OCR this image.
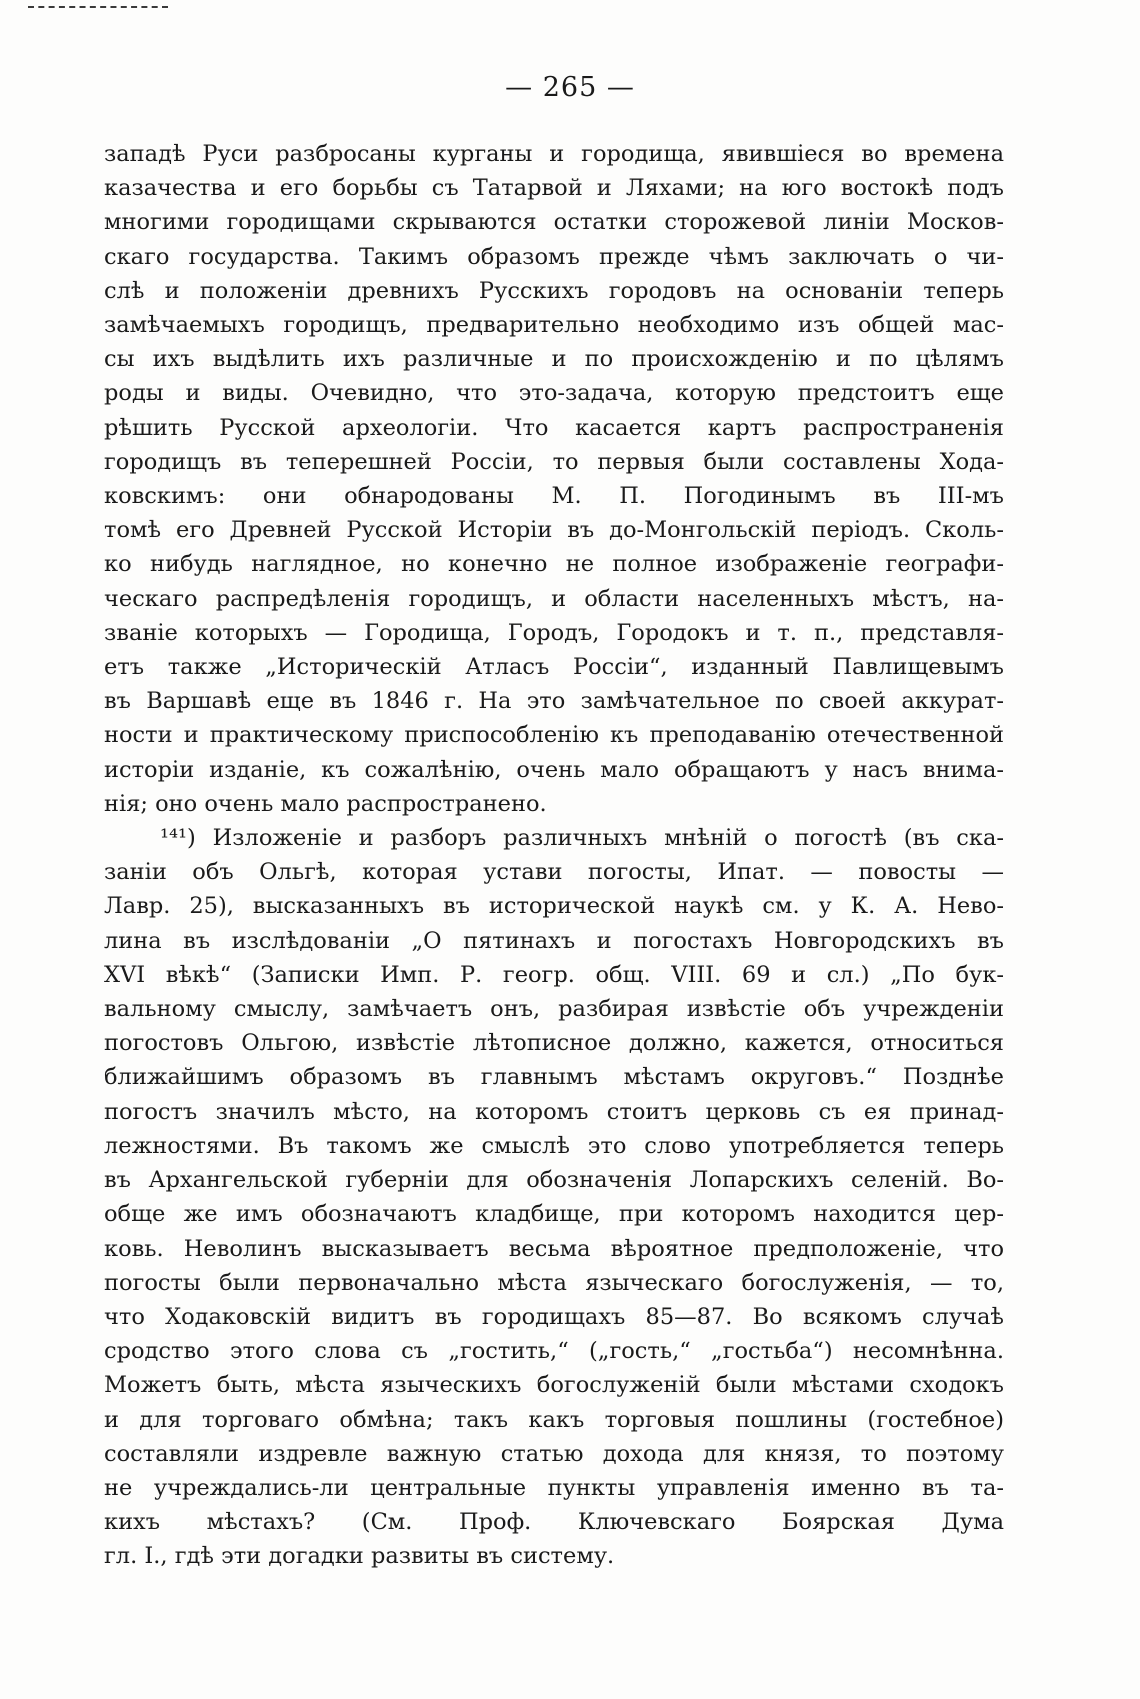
— 265 —
западѣ Руси разбросаны курганы и городища, явившіеся во времена
казачества и его борьбы съ Татарвой и Ляхами; на юго востокѣ подъ
многими городищами скрываются остатки сторожевой линіи Москов-
скаго государства. Такимъ образомъ прежде чѣмъ заключать о чи-
слѣ и положеніи древнихъ Русскихъ городовъ на основаніи теперь
замѣчаемыхъ городищъ, предварительно необходимо изъ общей мас-
сы ихъ выдѣлить ихъ различные и по происхожденію и по цѣлямъ
роды и виды. Очевидно, что это-задача, которую предстоитъ еще
рѣшить Русской археологіи. Что касается картъ распространенія
городищъ въ теперешней Россіи, то первыя были составлены Хода-
ковскимъ: они обнародованы М. П. Погодинымъ въ III-мъ
томѣ его Древней Русской Исторіи въ до-Монгольскій періодъ. Сколь-
ко нибудь наглядное, но конечно не полное изображеніе географи-
ческаго распредѣленія городищъ, и области населенныхъ мѣстъ, на-
званіе которыхъ — Городища, Городъ, Городокъ и т. п., представля-
етъ также „Историческій Атласъ Россіи“, изданный Павлищевымъ
въ Варшавѣ еще въ 1846 г. На это замѣчательное по своей аккурат-
ности и практическому приспособленію къ преподаванію отечественной
исторіи изданіе, къ сожалѣнію, очень мало обращаютъ у насъ внима-
нія; оно очень мало распространено.
¹⁴¹) Изложеніе и разборъ различныхъ мнѣній о погостѣ (въ ска-
заніи объ Ольгѣ, которая устави погосты, Ипат. — повосты —
Лавр. 25), высказанныхъ въ исторической наукѣ см. у К. А. Нево-
лина въ изслѣдованіи „О пятинахъ и погостахъ Новгородскихъ въ
XVI вѣкѣ“ (Записки Имп. Р. геогр. общ. VIII. 69 и сл.) „По бук-
вальному смыслу, замѣчаетъ онъ, разбирая извѣстіе объ учрежденіи
погостовъ Ольгою, извѣстіе лѣтописное должно, кажется, относиться
ближайшимъ образомъ въ главнымъ мѣстамъ округовъ.“ Позднѣе
погостъ значилъ мѣсто, на которомъ стоитъ церковь съ ея принад-
лежностями. Въ такомъ же смыслѣ это слово употребляется теперь
въ Архангельской губерніи для обозначенія Лопарскихъ селеній. Во-
обще же имъ обозначаютъ кладбище, при которомъ находится цер-
ковь. Неволинъ высказываетъ весьма вѣроятное предположеніе, что
погосты были первоначально мѣста языческаго богослуженія, — то,
что Ходаковскій видитъ въ городищахъ 85—87. Во всякомъ случаѣ
сродство этого слова съ „гостить,“ („гость,“ „гостьба“) несомнѣнна.
Можетъ быть, мѣста языческихъ богослуженій были мѣстами сходокъ
и для торговаго обмѣна; такъ какъ торговыя пошлины (гостебное)
составляли издревле важную статью дохода для князя, то поэтому
не учреждались-ли центральные пункты управленія именно въ та-
кихъ мѣстахъ? (См. Проф. Ключевскаго Боярская Дума
гл. I., гдѣ эти догадки развиты въ систему.
